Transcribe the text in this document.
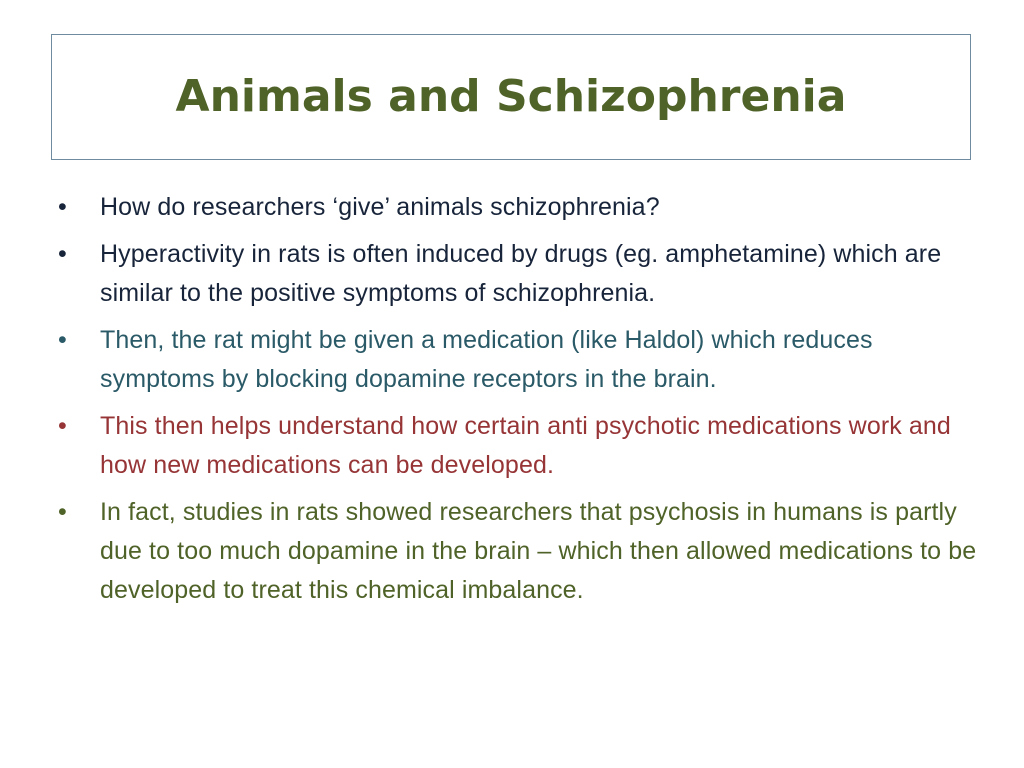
Animals and Schizophrenia
•	How do researchers ‘give’ animals schizophrenia?
•	Hyperactivity in rats is often induced by drugs (eg. amphetamine) which are similar to the positive symptoms of schizophrenia.
•	Then, the rat might be given a medication (like Haldol) which reduces symptoms by blocking dopamine receptors in the brain.
•	This then helps understand how certain anti psychotic medications work and how new medications can be developed.
•	In fact, studies in rats showed researchers that psychosis in humans is partly due to too much dopamine in the brain – which then allowed medications to be developed to treat this chemical imbalance.
